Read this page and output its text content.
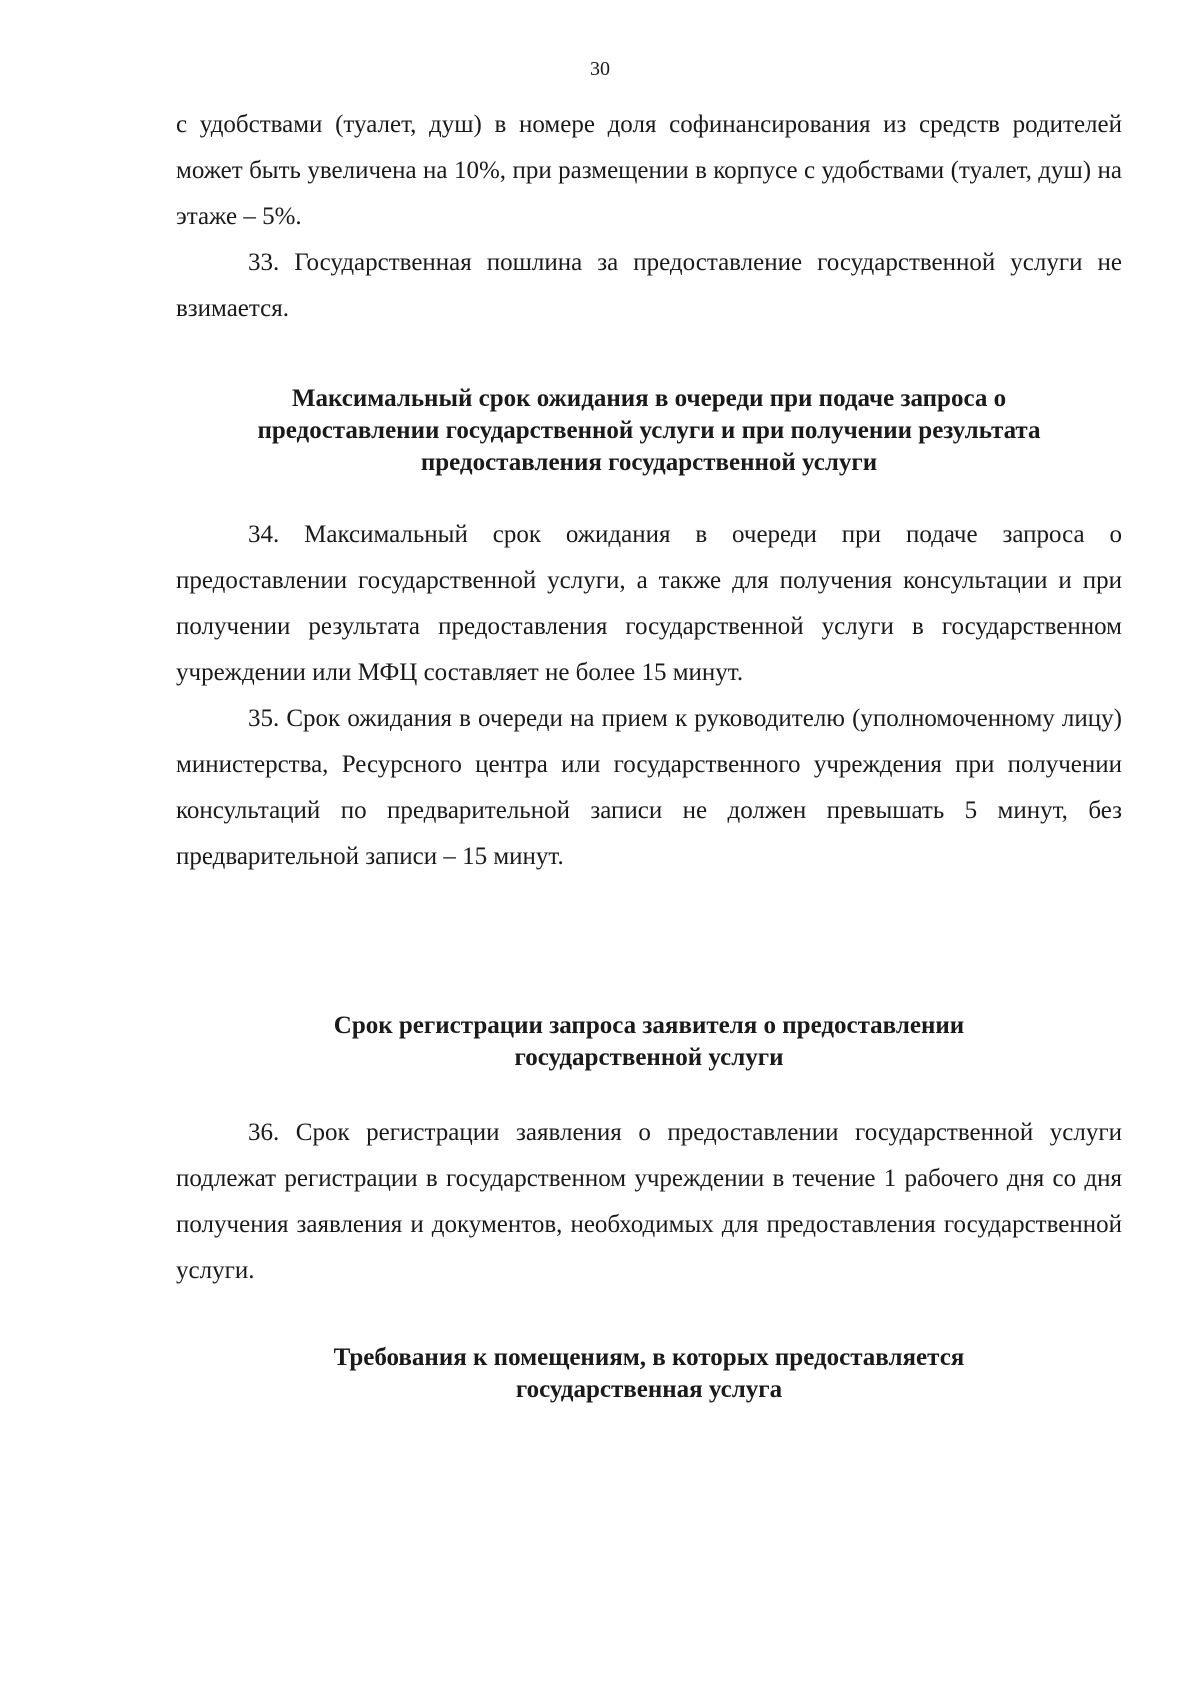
30

с удобствами (туалет, душ) в номере доля софинансирования из средств родителей может быть увеличена на 10%, при размещении в корпусе с удобствами (туалет, душ) на этаже – 5%.

33. Государственная пошлина за предоставление государственной услуги не взимается.

Максимальный срок ожидания в очереди при подаче запроса о

предоставлении государственной услуги и при получении результата

предоставления государственной услуги

34. Максимальный срок ожидания в очереди при подаче запроса о предоставлении государственной услуги, а также для получения консультации и при получении результата предоставления государственной услуги в государственном учреждении или МФЦ составляет не более 15 минут.

35. Срок ожидания в очереди на прием к руководителю (уполномоченному лицу) министерства, Ресурсного центра или государственного учреждения при получении консультаций по предварительной записи не должен превышать 5 минут, без предварительной записи – 15 минут.

Срок регистрации запроса заявителя о предоставлении

государственной услуги

36. Срок регистрации заявления о предоставлении государственной услуги подлежат регистрации в государственном учреждении в течение 1 рабочего дня со дня получения заявления и документов, необходимых для предоставления государственной услуги.

Требования к помещениям, в которых предоставляется

государственная услуга
